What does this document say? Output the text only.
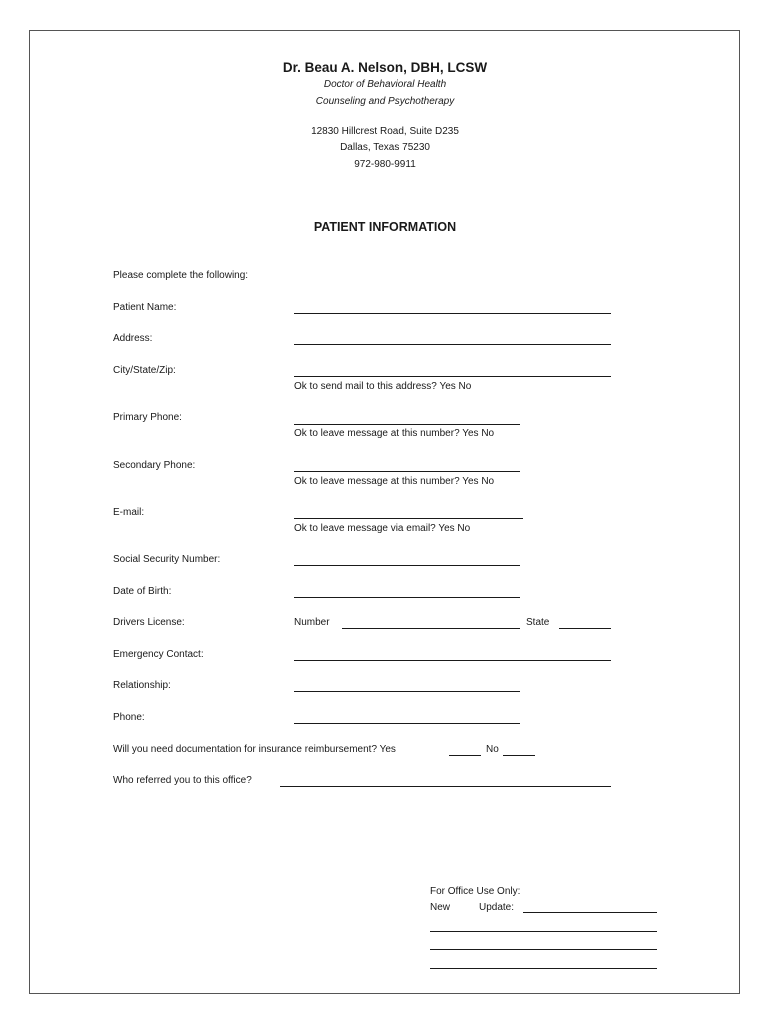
Dr. Beau A. Nelson, DBH, LCSW
Doctor of Behavioral Health
Counseling and Psychotherapy
12830 Hillcrest Road, Suite D235
Dallas, Texas 75230
972-980-9911
PATIENT INFORMATION
Please complete the following:
Patient Name:
Address:
City/State/Zip:
Ok to send mail to this address? Yes No
Primary Phone:
Ok to leave message at this number? Yes No
Secondary Phone:
Ok to leave message at this number? Yes No
E-mail:
Ok to leave message via email? Yes No
Social Security Number:
Date of Birth:
Drivers License:	Number	State
Emergency Contact:
Relationship:
Phone:
Will you need documentation for insurance reimbursement? Yes	No
Who referred you to this office?
For Office Use Only:
New	Update:
